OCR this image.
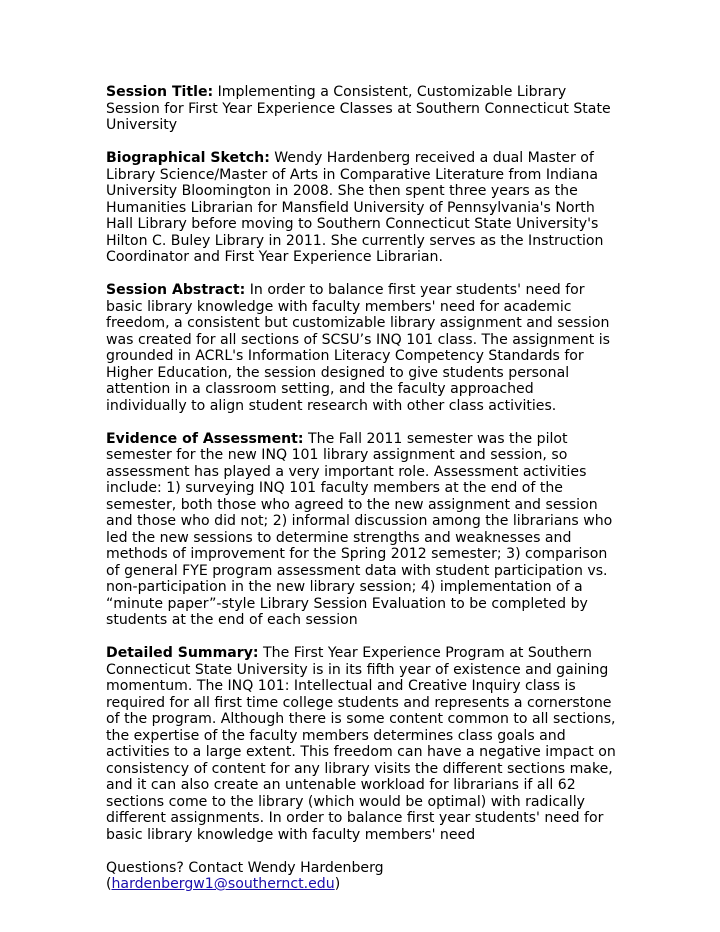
Session Title: Implementing a Consistent, Customizable Library Session for First Year Experience Classes at Southern Connecticut State University

Biographical Sketch: Wendy Hardenberg received a dual Master of Library Science/Master of Arts in Comparative Literature from Indiana University Bloomington in 2008. She then spent three years as the Humanities Librarian for Mansfield University of Pennsylvania's North Hall Library before moving to Southern Connecticut State University's Hilton C. Buley Library in 2011. She currently serves as the Instruction Coordinator and First Year Experience Librarian.

Session Abstract: In order to balance first year students' need for basic library knowledge with faculty members' need for academic freedom, a consistent but customizable library assignment and session was created for all sections of SCSU’s INQ 101 class. The assignment is grounded in ACRL's Information Literacy Competency Standards for Higher Education, the session designed to give students personal attention in a classroom setting, and the faculty approached individually to align student research with other class activities.

Evidence of Assessment: The Fall 2011 semester was the pilot semester for the new INQ 101 library assignment and session, so assessment has played a very important role. Assessment activities include: 1) surveying INQ 101 faculty members at the end of the semester, both those who agreed to the new assignment and session and those who did not; 2) informal discussion among the librarians who led the new sessions to determine strengths and weaknesses and methods of improvement for the Spring 2012 semester; 3) comparison of general FYE program assessment data with student participation vs. non-participation in the new library session; 4) implementation of a “minute paper”-style Library Session Evaluation to be completed by students at the end of each session

Detailed Summary: The First Year Experience Program at Southern Connecticut State University is in its fifth year of existence and gaining momentum. The INQ 101: Intellectual and Creative Inquiry class is required for all first time college students and represents a cornerstone of the program. Although there is some content common to all sections, the expertise of the faculty members determines class goals and activities to a large extent. This freedom can have a negative impact on consistency of content for any library visits the different sections make, and it can also create an untenable workload for librarians if all 62 sections come to the library (which would be optimal) with radically different assignments. In order to balance first year students' need for basic library knowledge with faculty members' need

Questions? Contact Wendy Hardenberg
(hardenbergw1@southernct.edu)
